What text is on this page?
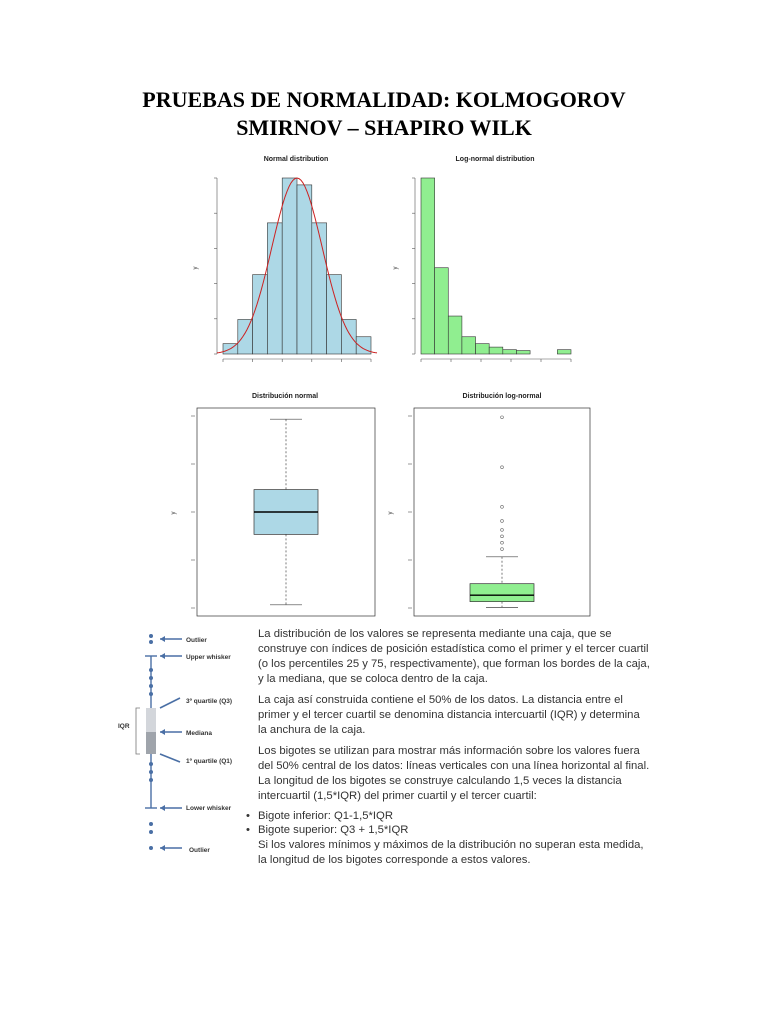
PRUEBAS DE NORMALIDAD: KOLMOGOROV
SMIRNOV – SHAPIRO WILK
Normal distribution
y
Log-normal distribution
y
Distribución normal
y
Distribución log-normal
y
Outlier
Upper whisker
3º quartile (Q3)
IQR
Mediana
1º quartile (Q1)
Lower whisker
Outlier
La distribución de los valores se representa mediante una caja, que se
construye con índices de posición estadística como el primer y el tercer cuartil
(o los percentiles 25 y 75, respectivamente), que forman los bordes de la caja,
y la mediana, que se coloca dentro de la caja.
La caja así construida contiene el 50% de los datos. La distancia entre el
primer y el tercer cuartil se denomina distancia intercuartil (IQR) y determina
la anchura de la caja.
Los bigotes se utilizan para mostrar más información sobre los valores fuera
del 50% central de los datos: líneas verticales con una línea horizontal al final.
La longitud de los bigotes se construye calculando 1,5 veces la distancia
intercuartil (1,5*IQR) del primer cuartil y el tercer cuartil:
• Bigote inferior: Q1-1,5*IQR
• Bigote superior: Q3 + 1,5*IQR
Si los valores mínimos y máximos de la distribución no superan esta medida,
la longitud de los bigotes corresponde a estos valores.
